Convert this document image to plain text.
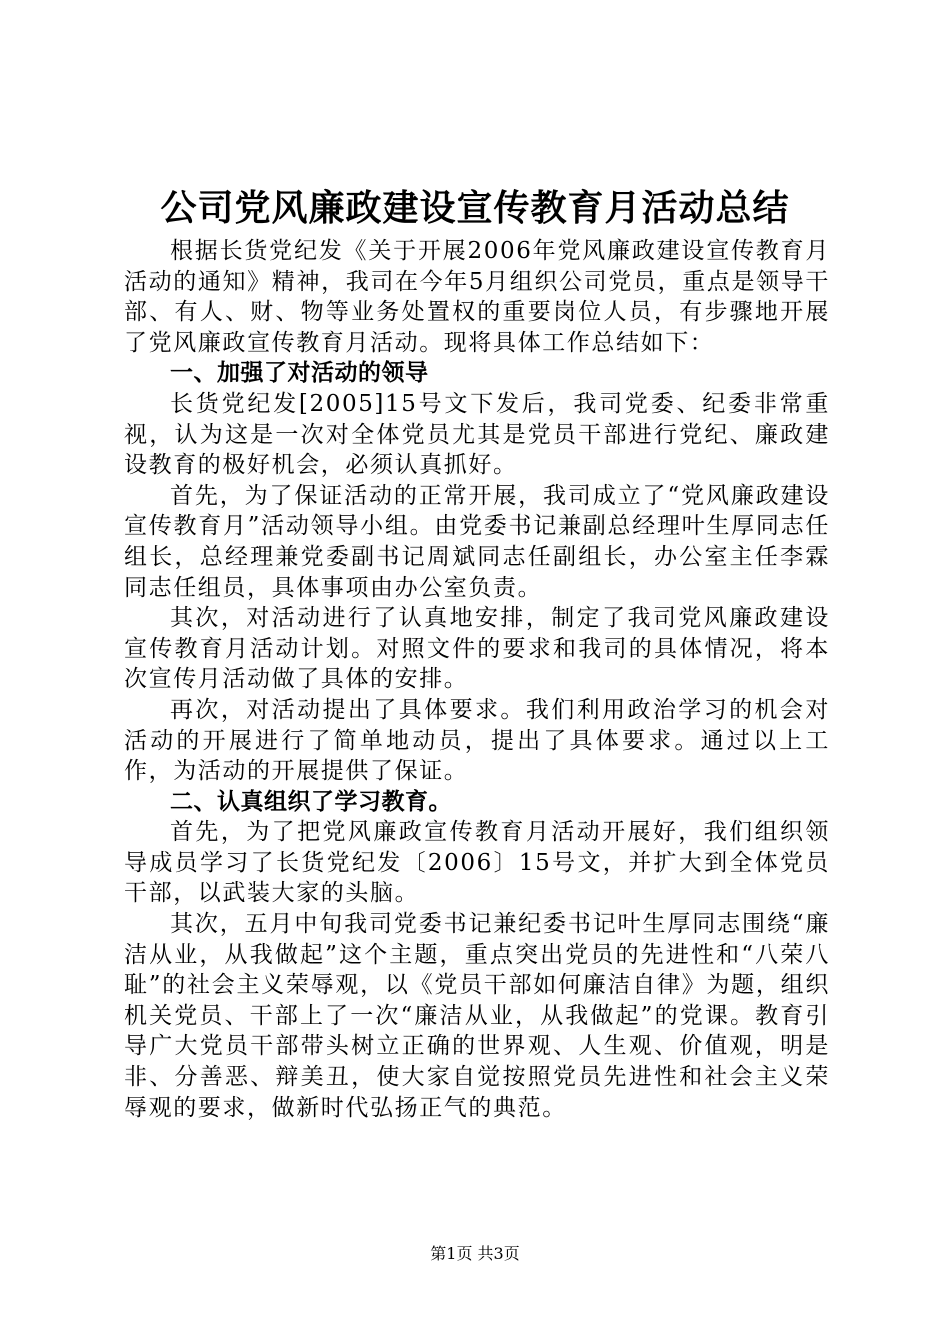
公司党风廉政建设宣传教育月活动总结

根据长货党纪发《关于开展2006年党风廉政建设宣传教育月活动的通知》精神，我司在今年5月组织公司党员，重点是领导干部、有人、财、物等业务处置权的重要岗位人员，有步骤地开展了党风廉政宣传教育月活动。现将具体工作总结如下：

一、加强了对活动的领导

长货党纪发[2005]15号文下发后，我司党委、纪委非常重视，认为这是一次对全体党员尤其是党员干部进行党纪、廉政建设教育的极好机会，必须认真抓好。

首先，为了保证活动的正常开展，我司成立了“党风廉政建设宣传教育月”活动领导小组。由党委书记兼副总经理叶生厚同志任组长，总经理兼党委副书记周斌同志任副组长，办公室主任李霖同志任组员，具体事项由办公室负责。

其次，对活动进行了认真地安排，制定了我司党风廉政建设宣传教育月活动计划。对照文件的要求和我司的具体情况，将本次宣传月活动做了具体的安排。

再次，对活动提出了具体要求。我们利用政治学习的机会对活动的开展进行了简单地动员，提出了具体要求。通过以上工作，为活动的开展提供了保证。

二、认真组织了学习教育。

首先，为了把党风廉政宣传教育月活动开展好，我们组织领导成员学习了长货党纪发〔2006〕15号文，并扩大到全体党员干部，以武装大家的头脑。

其次，五月中旬我司党委书记兼纪委书记叶生厚同志围绕“廉洁从业，从我做起”这个主题，重点突出党员的先进性和“八荣八耻”的社会主义荣辱观，以《党员干部如何廉洁自律》为题，组织机关党员、干部上了一次“廉洁从业，从我做起”的党课。教育引导广大党员干部带头树立正确的世界观、人生观、价值观，明是非、分善恶、辩美丑，使大家自觉按照党员先进性和社会主义荣辱观的要求，做新时代弘扬正气的典范。

第1页 共3页
